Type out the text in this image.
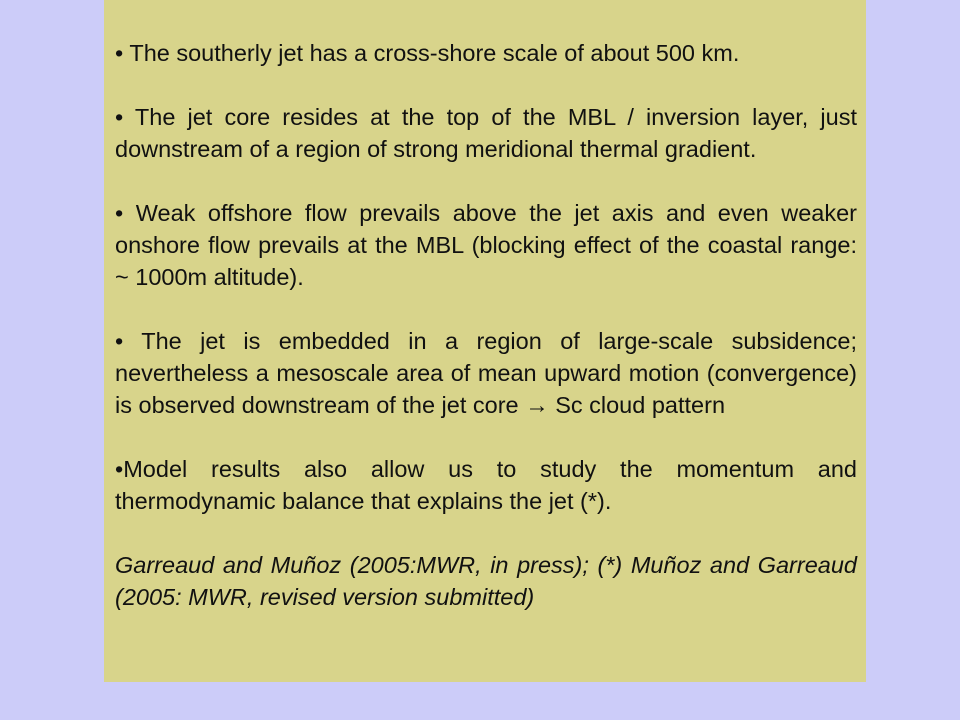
• The southerly jet has a cross-shore scale of about 500 km.

• The jet core resides at the top of the MBL / inversion layer, just downstream of a region of strong meridional thermal gradient.

• Weak offshore flow prevails above the jet axis and even weaker onshore flow prevails at the MBL (blocking effect of the coastal range: ~ 1000m altitude).

• The jet is embedded in a region of large-scale subsidence; nevertheless a mesoscale area of mean upward motion (convergence) is observed downstream of the jet core → Sc cloud pattern

•Model results also allow us to study the momentum and thermodynamic balance that explains the jet (*).

Garreaud and Muñoz (2005:MWR, in press); (*) Muñoz and Garreaud (2005: MWR, revised version submitted)
